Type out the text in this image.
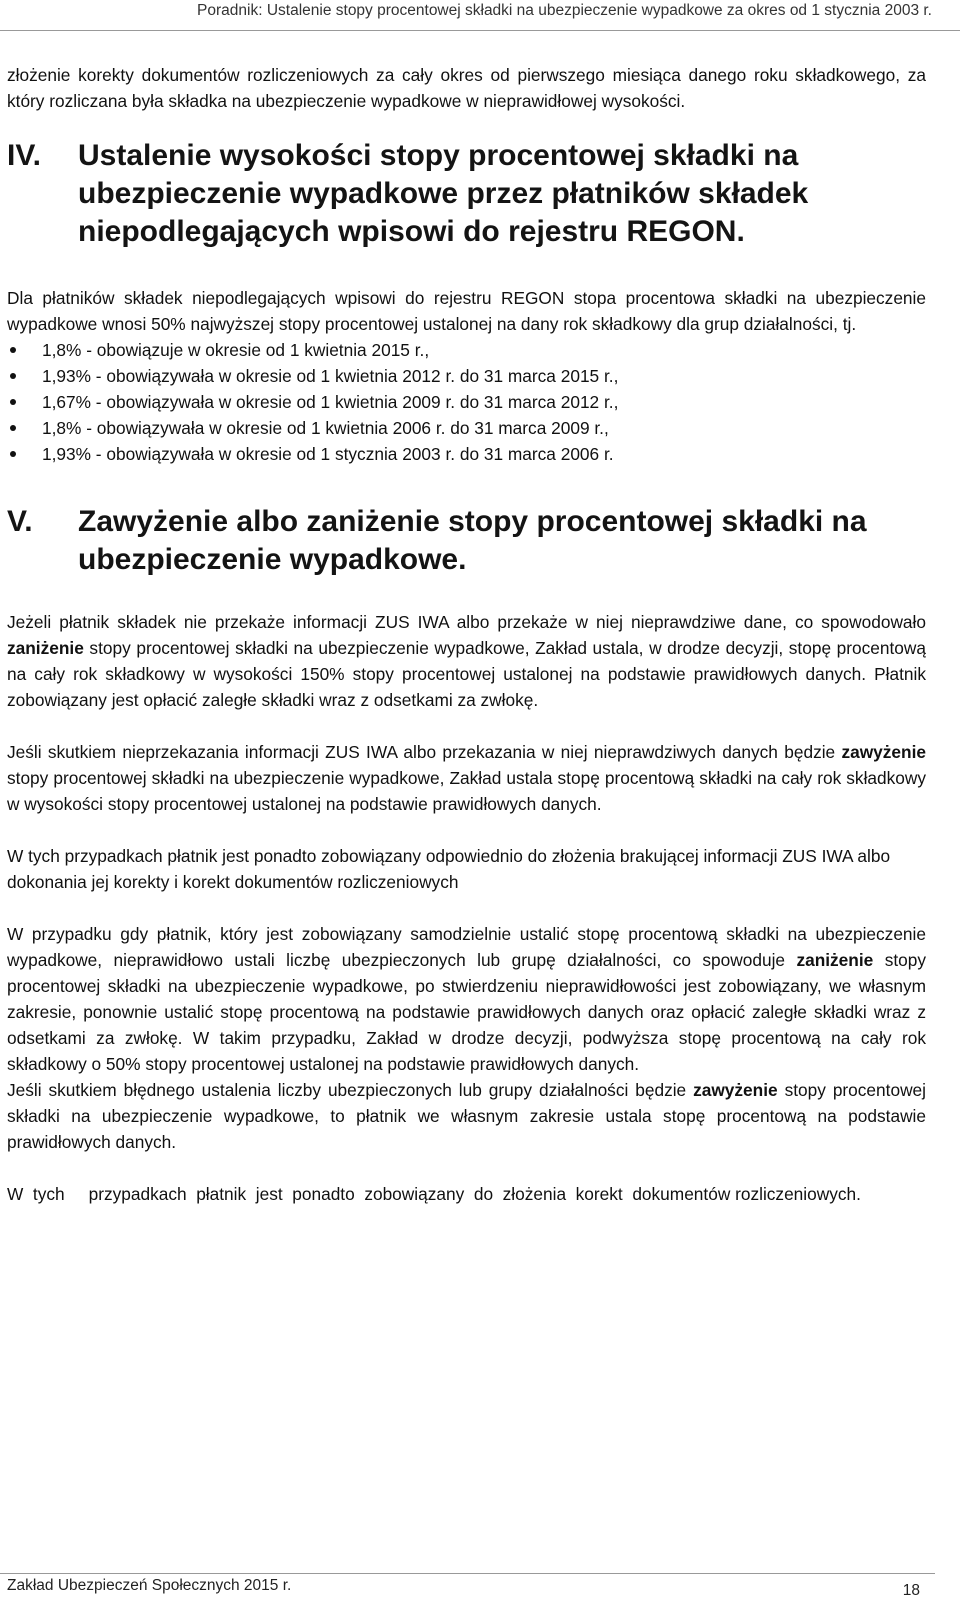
Poradnik: Ustalenie stopy procentowej składki na ubezpieczenie wypadkowe za okres od 1 stycznia 2003 r.

złożenie korekty dokumentów rozliczeniowych za cały okres od pierwszego miesiąca danego roku składkowego, za który rozliczana była składka na ubezpieczenie wypadkowe w nieprawidłowej wysokości.

IV.	Ustalenie wysokości stopy procentowej składki na ubezpieczenie wypadkowe przez płatników składek niepodlegających wpisowi do rejestru REGON.

Dla płatników składek niepodlegających wpisowi do rejestru REGON stopa procentowa składki na ubezpieczenie wypadkowe wnosi 50% najwyższej stopy procentowej ustalonej na dany rok składkowy dla grup działalności, tj.

1,8% - obowiązuje w okresie od 1 kwietnia 2015 r.,
1,93% - obowiązywała w okresie od 1 kwietnia 2012 r. do 31 marca 2015 r.,
1,67% - obowiązywała w okresie od 1 kwietnia 2009 r. do 31 marca 2012 r.,
1,8% - obowiązywała w okresie od 1 kwietnia 2006 r. do 31 marca 2009 r.,
1,93% - obowiązywała w okresie od 1 stycznia 2003 r. do 31 marca 2006 r.
V.	Zawyżenie albo zaniżenie stopy procentowej składki na ubezpieczenie wypadkowe.

Jeżeli płatnik składek nie przekaże informacji ZUS IWA albo przekaże w niej nieprawdziwe dane, co spowodowało zaniżenie stopy procentowej składki na ubezpieczenie wypadkowe, Zakład ustala, w drodze decyzji, stopę procentową na cały rok składkowy w wysokości 150% stopy procentowej ustalonej na podstawie prawidłowych danych. Płatnik zobowiązany jest opłacić zaległe składki wraz z odsetkami za zwłokę.

Jeśli skutkiem nieprzekazania informacji ZUS IWA albo przekazania w niej nieprawdziwych danych będzie zawyżenie stopy procentowej składki na ubezpieczenie wypadkowe, Zakład ustala stopę procentową składki na cały rok składkowy w wysokości stopy procentowej ustalonej na podstawie prawidłowych danych.

W tych przypadkach płatnik jest ponadto zobowiązany odpowiednio do złożenia brakującej informacji ZUS IWA albo dokonania jej korekty i korekt dokumentów rozliczeniowych

W przypadku gdy płatnik, który jest zobowiązany samodzielnie ustalić stopę procentową składki na ubezpieczenie wypadkowe, nieprawidłowo ustali liczbę ubezpieczonych lub grupę działalności, co spowoduje zaniżenie stopy procentowej składki na ubezpieczenie wypadkowe, po stwierdzeniu nieprawidłowości jest zobowiązany, we własnym zakresie, ponownie ustalić stopę procentową na podstawie prawidłowych danych oraz opłacić zaległe składki wraz z odsetkami za zwłokę. W takim przypadku, Zakład w drodze decyzji, podwyższa stopę procentową na cały rok składkowy o 50% stopy procentowej ustalonej na podstawie prawidłowych danych.

Jeśli skutkiem błędnego ustalenia liczby ubezpieczonych lub grupy działalności będzie zawyżenie stopy procentowej składki na ubezpieczenie wypadkowe, to płatnik we własnym zakresie ustala stopę procentową na podstawie prawidłowych danych.

W  tych     przypadkach  płatnik  jest  ponadto  zobowiązany  do  złożenia  korekt  dokumentów rozliczeniowych.

Zakład Ubezpieczeń Społecznych 2015 r.	18
